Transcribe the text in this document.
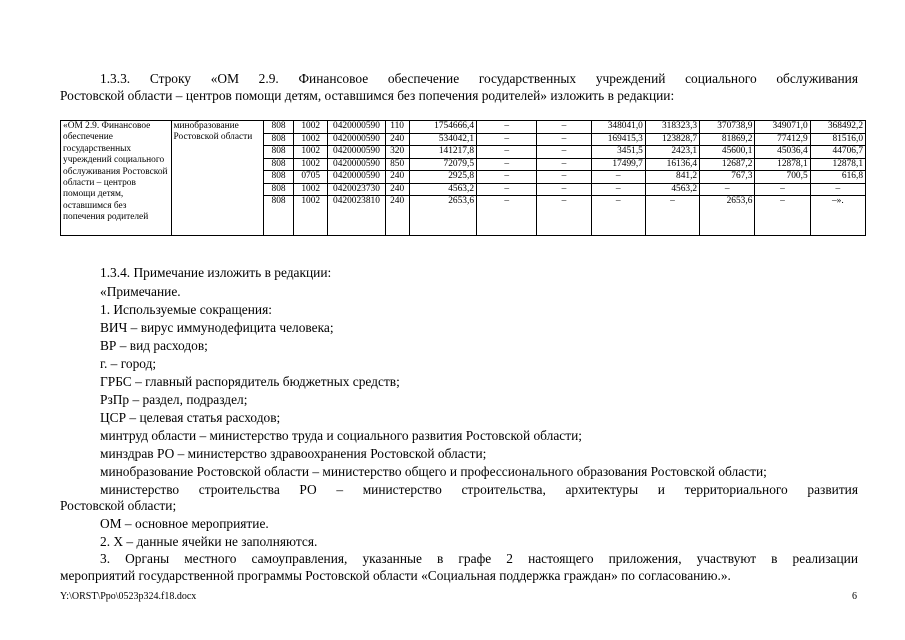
1.3.3. Строку «ОМ 2.9. Финансовое обеспечение государственных учреждений социального обслуживания
Ростовской области – центров помощи детям, оставшимся без попечения родителей» изложить в редакции:
«ОМ 2.9. Финансовое обеспечение государственных учреждений социального обслуживания Ростовской области – центров помощи детям, оставшимся без попечения родителей	минобразование Ростовской области	808	1002	0420000590	110	1754666,4	–	–	348041,0	318323,3	370738,9	349071,0	368492,2
		808	1002	0420000590	240	534042,1	–	–	169415,3	123828,7	81869,2	77412,9	81516,0
		808	1002	0420000590	320	141217,8	–	–	3451,5	2423,1	45600,1	45036,4	44706,7
		808	1002	0420000590	850	72079,5	–	–	17499,7	16136,4	12687,2	12878,1	12878,1
		808	0705	0420000590	240	2925,8	–	–	–	841,2	767,3	700,5	616,8
		808	1002	0420023730	240	4563,2	–	–	–	4563,2	–	–	–
		808	1002	0420023810	240	2653,6	–	–	–	–	2653,6	–	–».

1.3.4. Примечание изложить в редакции:
«Примечание.
1. Используемые сокращения:
ВИЧ – вирус иммунодефицита человека;
ВР – вид расходов;
г. – город;
ГРБС – главный распорядитель бюджетных средств;
РзПр – раздел, подраздел;
ЦСР – целевая статья расходов;
минтруд области – министерство труда и социального развития Ростовской области;
минздрав РО – министерство здравоохранения Ростовской области;
минобразование Ростовской области – министерство общего и профессионального образования Ростовской области;
министерство строительства РО – министерство строительства, архитектуры и территориального развития
Ростовской области;
ОМ – основное мероприятие.
2. Х – данные ячейки не заполняются.
3. Органы местного самоуправления, указанные в графе 2 настоящего приложения, участвуют в реализации
мероприятий государственной программы Ростовской области «Социальная поддержка граждан» по согласованию.».
Y:\ORST\Ppo\0523p324.f18.docx	6
